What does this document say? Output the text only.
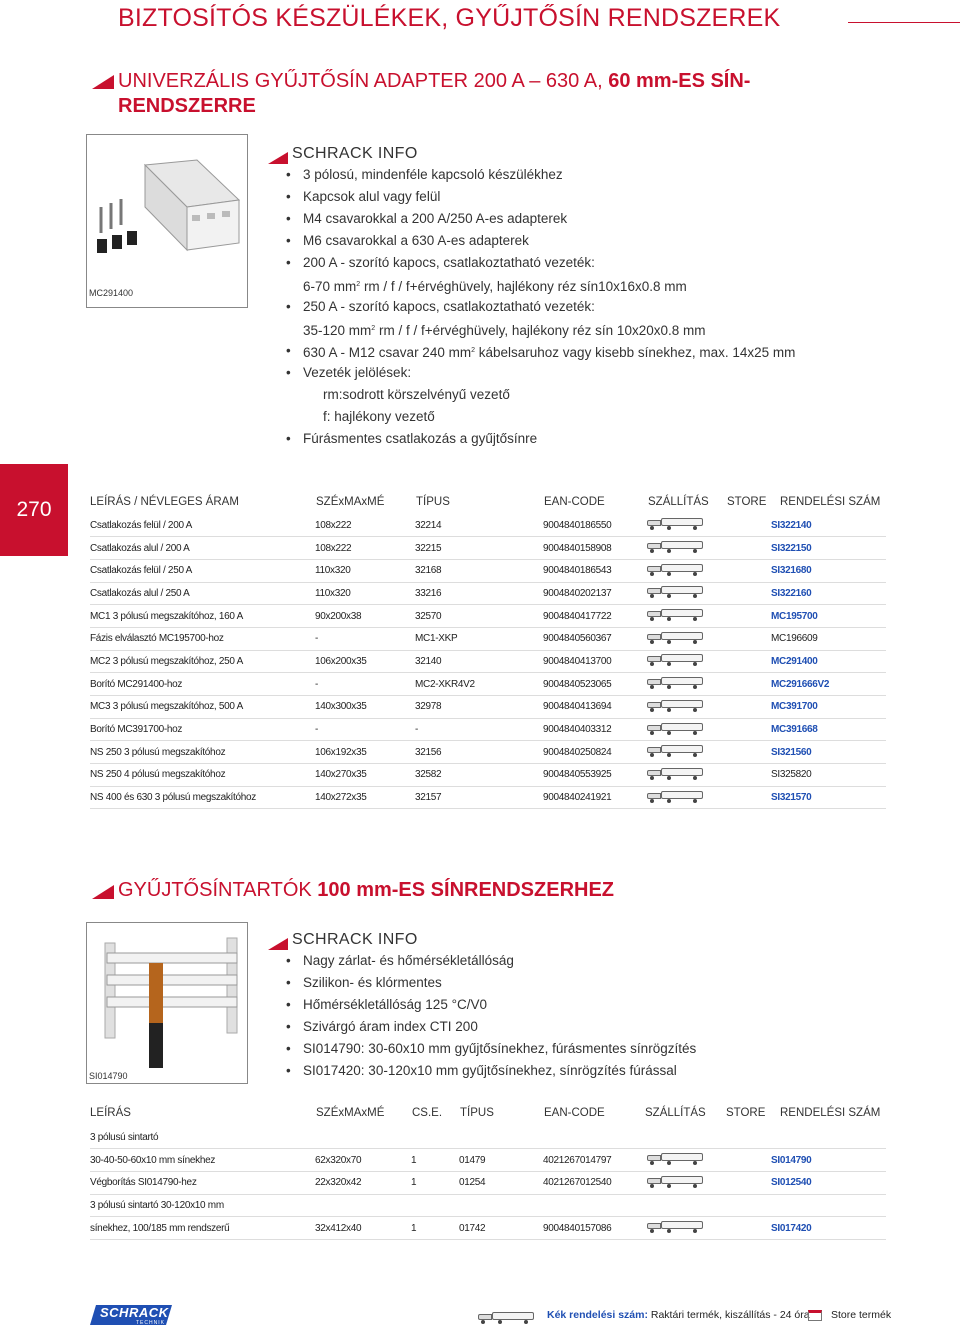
BIZTOSÍTÓS KÉSZÜLÉKEK, GYŰJTŐSÍN RENDSZEREK
UNIVERZÁLIS GYŰJTŐSÍN ADAPTER 200 A – 630 A, 60 mm-ES SÍN-
RENDSZERRE
MC291400
SCHRACK INFO
• 3 pólosú, mindenféle kapcsoló készülékhez
• Kapcsok alul vagy felül
• M4 csavarokkal a 200 A/250 A-es adapterek
• M6 csavarokkal a 630 A-es adapterek
• 200 A - szorító kapocs, csatlakoztatható vezeték:
6-70 $mm^2$ rm / f / f+érvéghüvely, hajlékony réz sín10x16x0.8 mm
• 250 A - szorító kapocs, csatlakoztatható vezeték:
35-120 $mm^2$ rm / f / f+érvéghüvely, hajlékony réz sín 10x20x0.8 mm
• 630 A - M12 csavar 240 $mm^2$ kábelsaruhoz vagy kisebb sínekhez, max. 14x25 mm
• Vezeték jelölések:
rm:sodrott körszelvényű vezető
f: hajlékony vezető
• Fúrásmentes csatlakozás a gyűjtősínre
270	LEÍRÁS / NÉVLEGES ÁRAM	SZÉxMAxMÉ	TÍPUS	EAN-CODE	SZÁLLÍTÁS STORE RENDELÉSI SZÁM
Csatlakozás felül / 200 A	108x222	32214	9004840186550		SI322140
Csatlakozás alul / 200 A	108x222	32215	9004840158908		SI322150
Csatlakozás felül / 250 A	110x320	32168	9004840186543		SI321680
Csatlakozás alul / 250 A	110x320	33216	9004840202137		SI322160
MC1 3 pólusú megszakítóhoz, 160 A	90x200x38	32570	9004840417722		MC195700
Fázis elválasztó MC195700-hoz	-	MC1-XKP	9004840560367		MC196609
MC2 3 pólusú megszakítóhoz, 250 A	106x200x35	32140	9004840413700		MC291400
Borító MC291400-hoz	-	MC2-XKR4V2	9004840523065		MC291666V2
MC3 3 pólusú megszakítóhoz, 500 A	140x300x35	32978	9004840413694		MC391700
Borító MC391700-hoz	-	-	9004840403312		MC391668
NS 250 3 pólusú megszakítóhoz	106x192x35	32156	9004840250824		SI321560
NS 250 4 pólusú megszakítóhoz	140x270x35	32582	9004840553925		SI325820
NS 400 és 630 3 pólusú megszakítóhoz	140x272x35	32157	9004840241921		SI321570
GYŰJTŐSÍNTARTÓK 100 mm-ES SÍNRENDSZERHEZ
SI014790
SCHRACK INFO
• Nagy zárlat- és hőmérsékletállóság
• Szilikon- és klórmentes
• Hőmérsékletállóság 125 °C/V0
• Szivárgó áram index CTI 200
• SI014790: 30-60x10 mm gyűjtősínekhez, fúrásmentes sínrögzítés
• SI017420: 30-120x10 mm gyűjtősínekhez, sínrögzítés fúrással
LEÍRÁS	SZÉxMAxMÉ CS.E. TÍPUS	EAN-CODE	SZÁLLÍTÁS STORE RENDELÉSI SZÁM
3 pólusú sintartó						
30-40-50-60x10 mm sínekhez	62x320x70	1	01479	4021267014797		SI014790
Végborítás SI014790-hez	22x320x42	1	01254	4021267012540		SI012540
3 pólusú sintartó 30-120x10 mm						
sínekhez, 100/185 mm rendszerű	32x412x40	1	01742	9004840157086		SI017420
SCHRACK
TECHNIK
Kék rendelési szám: Raktári termék, kiszállítás - 24 óra Store termék
